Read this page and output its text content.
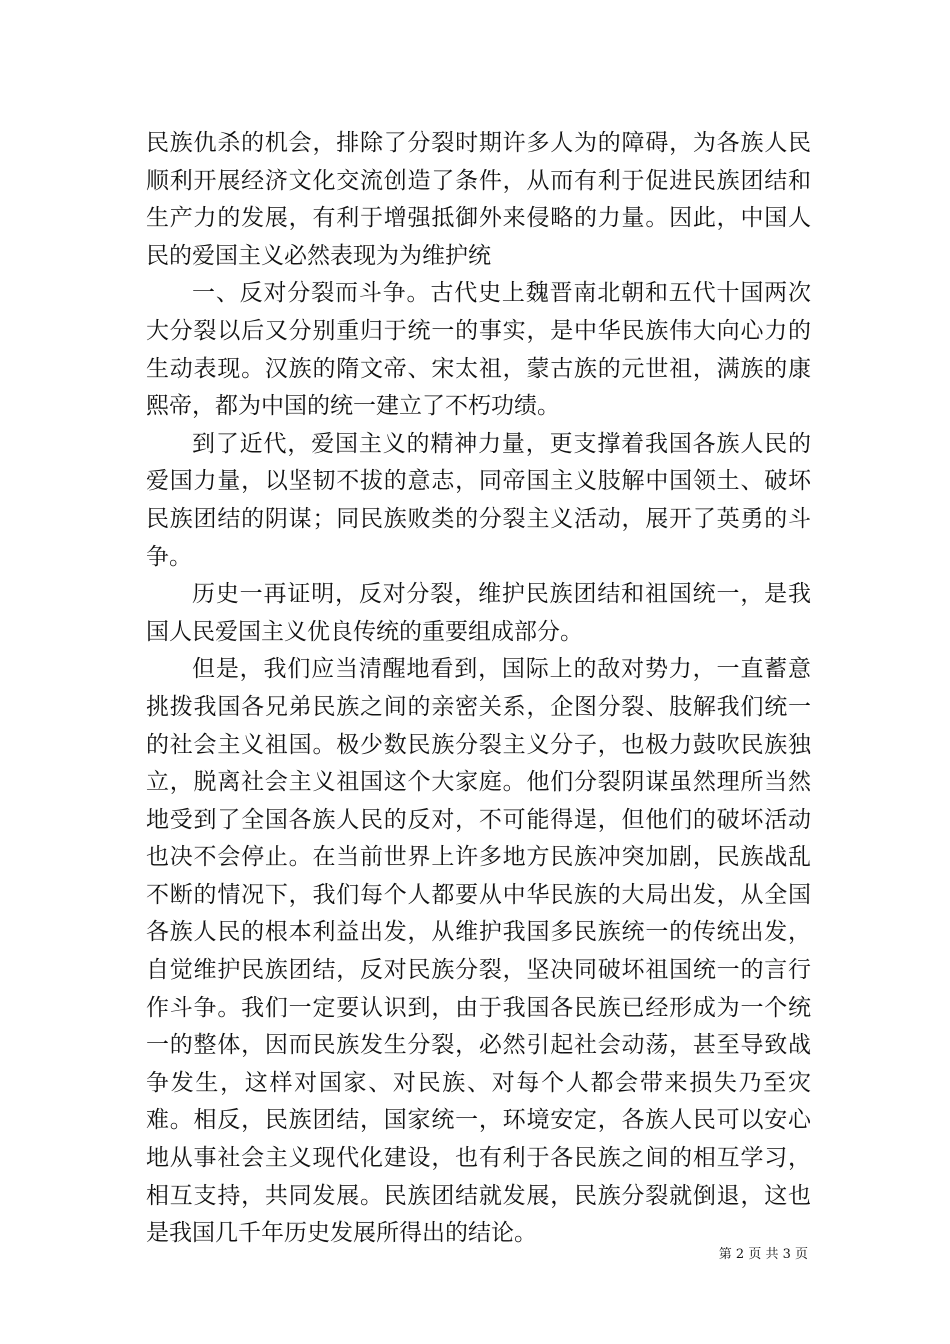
民族仇杀的机会，排除了分裂时期许多人为的障碍，为各族人民顺利开展经济文化交流创造了条件，从而有利于促进民族团结和生产力的发展，有利于增强抵御外来侵略的力量。因此，中国人民的爱国主义必然表现为为维护统

一、反对分裂而斗争。古代史上魏晋南北朝和五代十国两次大分裂以后又分别重归于统一的事实，是中华民族伟大向心力的生动表现。汉族的隋文帝、宋太祖，蒙古族的元世祖，满族的康熙帝，都为中国的统一建立了不朽功绩。

到了近代，爱国主义的精神力量，更支撑着我国各族人民的爱国力量，以坚韧不拔的意志，同帝国主义肢解中国领土、破坏民族团结的阴谋；同民族败类的分裂主义活动，展开了英勇的斗争。

历史一再证明，反对分裂，维护民族团结和祖国统一，是我国人民爱国主义优良传统的重要组成部分。

但是，我们应当清醒地看到，国际上的敌对势力，一直蓄意挑拨我国各兄弟民族之间的亲密关系，企图分裂、肢解我们统一的社会主义祖国。极少数民族分裂主义分子，也极力鼓吹民族独立，脱离社会主义祖国这个大家庭。他们分裂阴谋虽然理所当然地受到了全国各族人民的反对，不可能得逞，但他们的破坏活动也决不会停止。在当前世界上许多地方民族冲突加剧，民族战乱不断的情况下，我们每个人都要从中华民族的大局出发，从全国各族人民的根本利益出发，从维护我国多民族统一的传统出发，自觉维护民族团结，反对民族分裂，坚决同破坏祖国统一的言行作斗争。我们一定要认识到，由于我国各民族已经形成为一个统一的整体，因而民族发生分裂，必然引起社会动荡，甚至导致战争发生，这样对国家、对民族、对每个人都会带来损失乃至灾难。相反，民族团结，国家统一，环境安定，各族人民可以安心地从事社会主义现代化建设，也有利于各民族之间的相互学习，相互支持，共同发展。民族团结就发展，民族分裂就倒退，这也是我国几千年历史发展所得出的结论。

第 2 页 共 3 页
